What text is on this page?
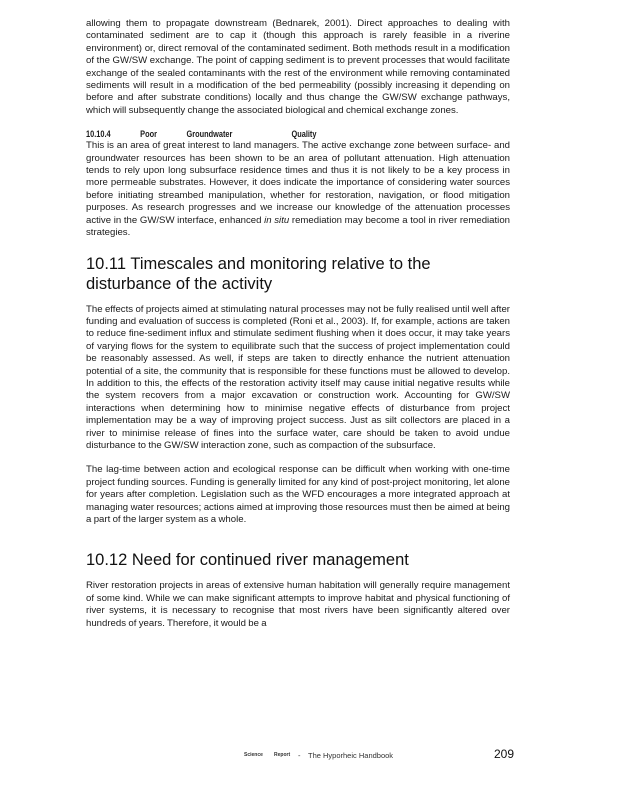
allowing them to propagate downstream (Bednarek, 2001). Direct approaches to dealing with contaminated sediment are to cap it (though this approach is rarely feasible in a riverine environment) or, direct removal of the contaminated sediment. Both methods result in a modification of the GW/SW exchange. The point of capping sediment is to prevent processes that would facilitate exchange of the sealed contaminants with the rest of the environment while removing contaminated sediments will result in a modification of the bed permeability (possibly increasing it depending on before and after substrate conditions) locally and thus change the GW/SW exchange pathways, which will subsequently change the associated biological and chemical exchange zones.

10.10.4	Poor	Groundwater	Quality

This is an area of great interest to land managers. The active exchange zone between surface- and groundwater resources has been shown to be an area of pollutant attenuation. High attenuation tends to rely upon long subsurface residence times and thus it is not likely to be a key process in more permeable substrates. However, it does indicate the importance of considering water sources before initiating streambed manipulation, whether for restoration, navigation, or flood mitigation purposes. As research progresses and we increase our knowledge of the attenuation processes active in the GW/SW interface, enhanced in situ remediation may become a tool in river remediation strategies.

10.11 Timescales and monitoring relative to the disturbance of the activity

The effects of projects aimed at stimulating natural processes may not be fully realised until well after funding and evaluation of success is completed (Roni et al., 2003). If, for example, actions are taken to reduce fine-sediment influx and stimulate sediment flushing when it does occur, it may take years of varying flows for the system to equilibrate such that the success of project implementation could be reasonably assessed. As well, if steps are taken to directly enhance the nutrient attenuation potential of a site, the community that is responsible for these functions must be allowed to develop. In addition to this, the effects of the restoration activity itself may cause initial negative results while the system recovers from a major excavation or construction work. Accounting for GW/SW interactions when determining how to minimise negative effects of disturbance from project implementation may be a way of improving project success. Just as silt collectors are placed in a river to minimise release of fines into the surface water, care should be taken to avoid undue disturbance to the GW/SW interaction zone, such as compaction of the subsurface.

The lag-time between action and ecological response can be difficult when working with one-time project funding sources. Funding is generally limited for any kind of post-project monitoring, let alone for years after completion. Legislation such as the WFD encourages a more integrated approach at managing water resources; actions aimed at improving those resources must then be aimed at being a part of the larger system as a whole.

10.12 Need for continued river management

River restoration projects in areas of extensive human habitation will generally require management of some kind. While we can make significant attempts to improve habitat and physical functioning of river systems, it is necessary to recognise that most rivers have been significantly altered over hundreds of years. Therefore, it would be a

Science Report - The Hyporheic Handbook	209
